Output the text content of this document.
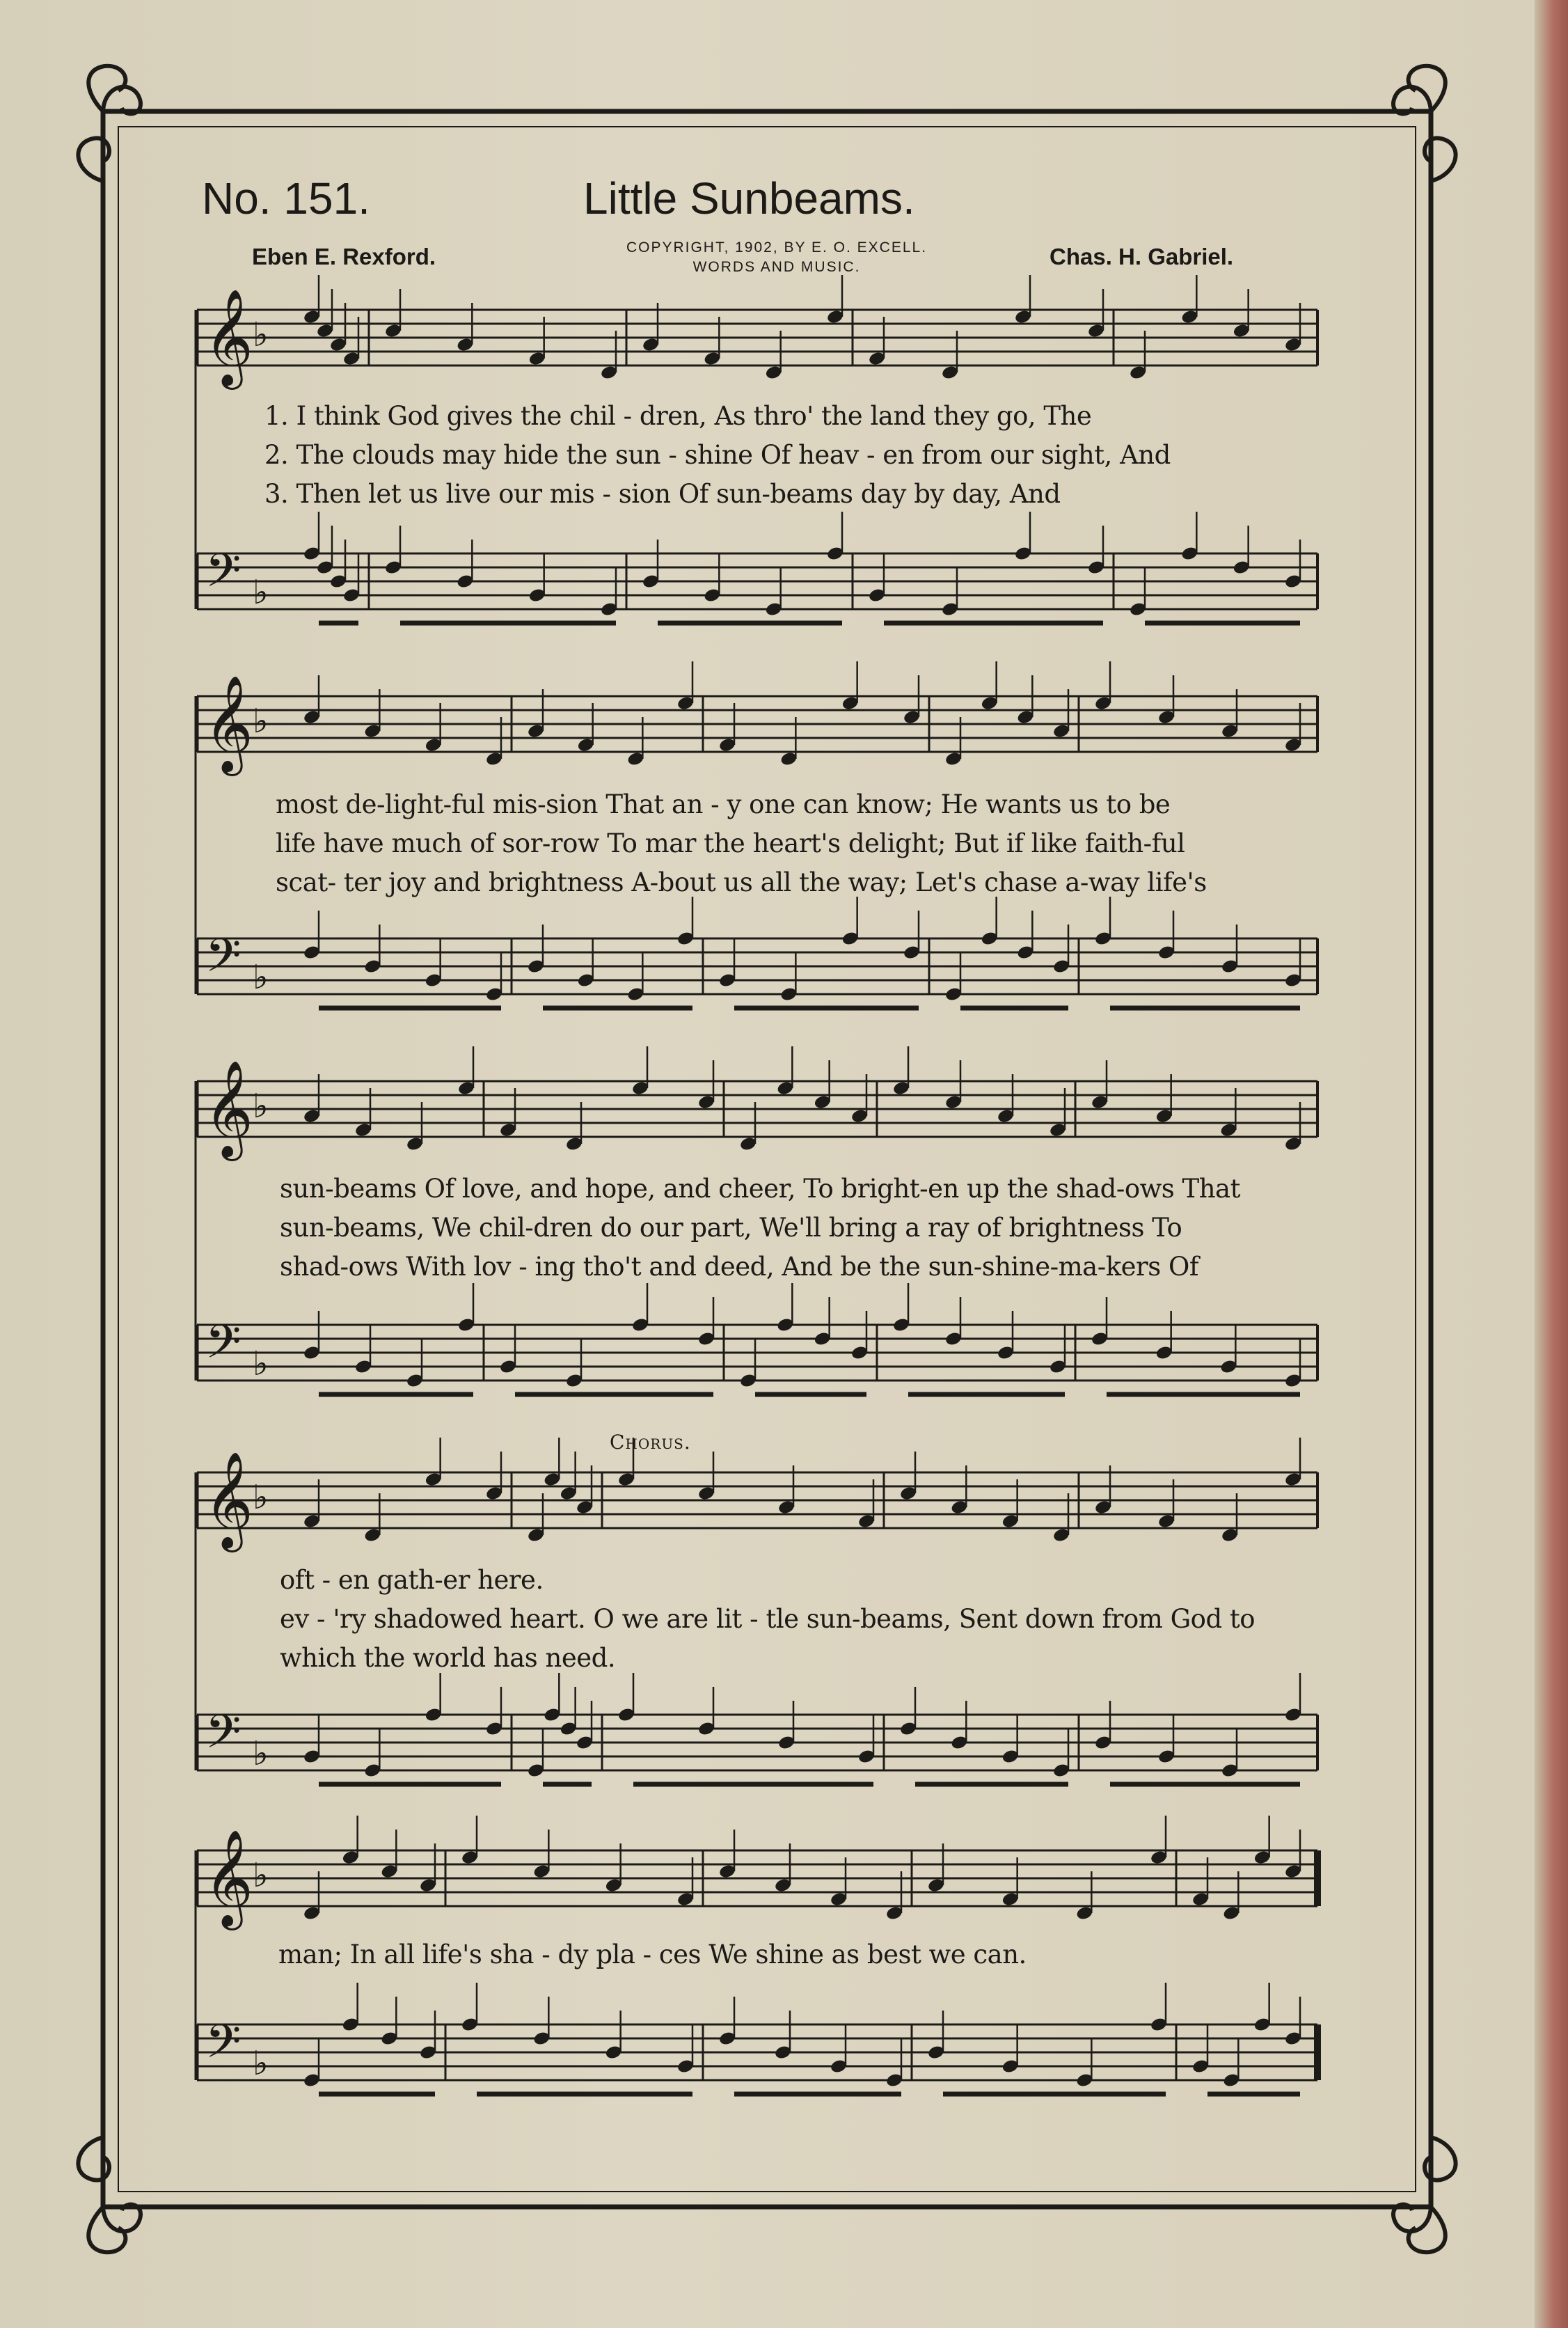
No. 151.	Little Sunbeams.
Eben E. Rexford.	COPYRIGHT, 1902, BY E. O. EXCELL.
WORDS AND MUSIC.	Chas. H. Gabriel.
𝄞 ♭
𝄢 ♭
𝄞 ♭
𝄢 ♭
𝄞 ♭
𝄢 ♭
𝄞 ♭
𝄢 ♭
𝄞 ♭
𝄢 ♭
1. I think God gives the chil - dren, As thro' the land they go, The
2. The clouds may hide the sun - shine Of heav - en from our sight, And
3. Then let us live our mis - sion Of sun-beams day by day, And
most de-light-ful mis-sion That an - y one can know; He wants us to be
life have much of sor-row To mar the heart's delight; But if like faith-ful
scat- ter joy and brightness A-bout us all the way; Let's chase a-way life's
sun-beams Of love, and hope, and cheer, To bright-en up the shad-ows That
sun-beams, We chil-dren do our part, We'll bring a ray of brightness To
shad-ows With lov - ing tho't and deed, And be the sun-shine-ma-kers Of
Chorus.
oft - en gath-er here.
ev - 'ry shadowed heart. O we are lit - tle sun-beams, Sent down from God to
which the world has need.
man; In all life's sha - dy pla - ces We shine as best we can.
